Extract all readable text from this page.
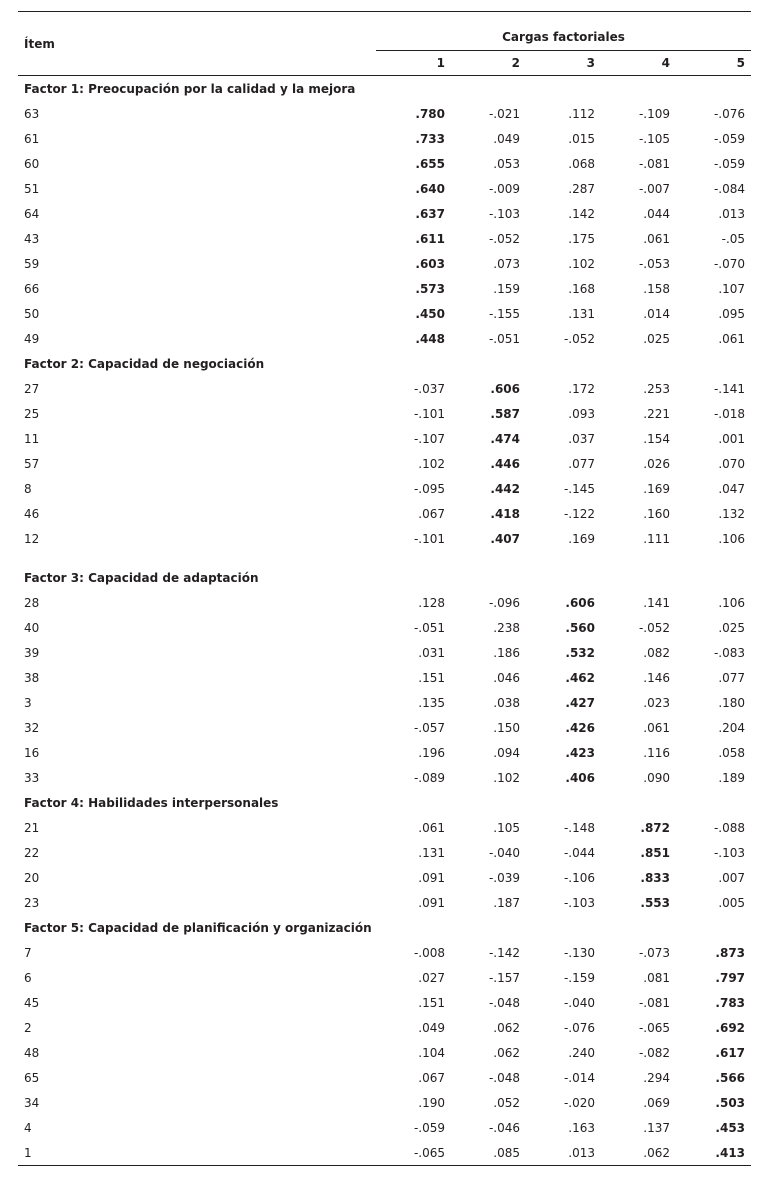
Ítem	Cargas factoriales				
	1	2	3	4	5
Factor 1: Preocupación por la calidad y la mejora					
63	.780	-.021	.112	-.109	-.076
61	.733	.049	.015	-.105	-.059
60	.655	.053	.068	-.081	-.059
51	.640	-.009	.287	-.007	-.084
64	.637	-.103	.142	.044	.013
43	.611	-.052	.175	.061	-.05
59	.603	.073	.102	-.053	-.070
66	.573	.159	.168	.158	.107
50	.450	-.155	.131	.014	.095
49	.448	-.051	-.052	.025	.061
Factor 2: Capacidad de negociación					
27	-.037	.606	.172	.253	-.141
25	-.101	.587	.093	.221	-.018
11	-.107	.474	.037	.154	.001
57	.102	.446	.077	.026	.070
8	-.095	.442	-.145	.169	.047
46	.067	.418	-.122	.160	.132
12	-.101	.407	.169	.111	.106

Factor 3: Capacidad de adaptación					
28	.128	-.096	.606	.141	.106
40	-.051	.238	.560	-.052	.025
39	.031	.186	.532	.082	-.083
38	.151	.046	.462	.146	.077
3	.135	.038	.427	.023	.180
32	-.057	.150	.426	.061	.204
16	.196	.094	.423	.116	.058
33	-.089	.102	.406	.090	.189
Factor 4: Habilidades interpersonales					
21	.061	.105	-.148	.872	-.088
22	.131	-.040	-.044	.851	-.103
20	.091	-.039	-.106	.833	.007
23	.091	.187	-.103	.553	.005
Factor 5: Capacidad de planificación y organización					
7	-.008	-.142	-.130	-.073	.873
6	.027	-.157	-.159	.081	.797
45	.151	-.048	-.040	-.081	.783
2	.049	.062	-.076	-.065	.692
48	.104	.062	.240	-.082	.617
65	.067	-.048	-.014	.294	.566
34	.190	.052	-.020	.069	.503
4	-.059	-.046	.163	.137	.453
1	-.065	.085	.013	.062	.413
